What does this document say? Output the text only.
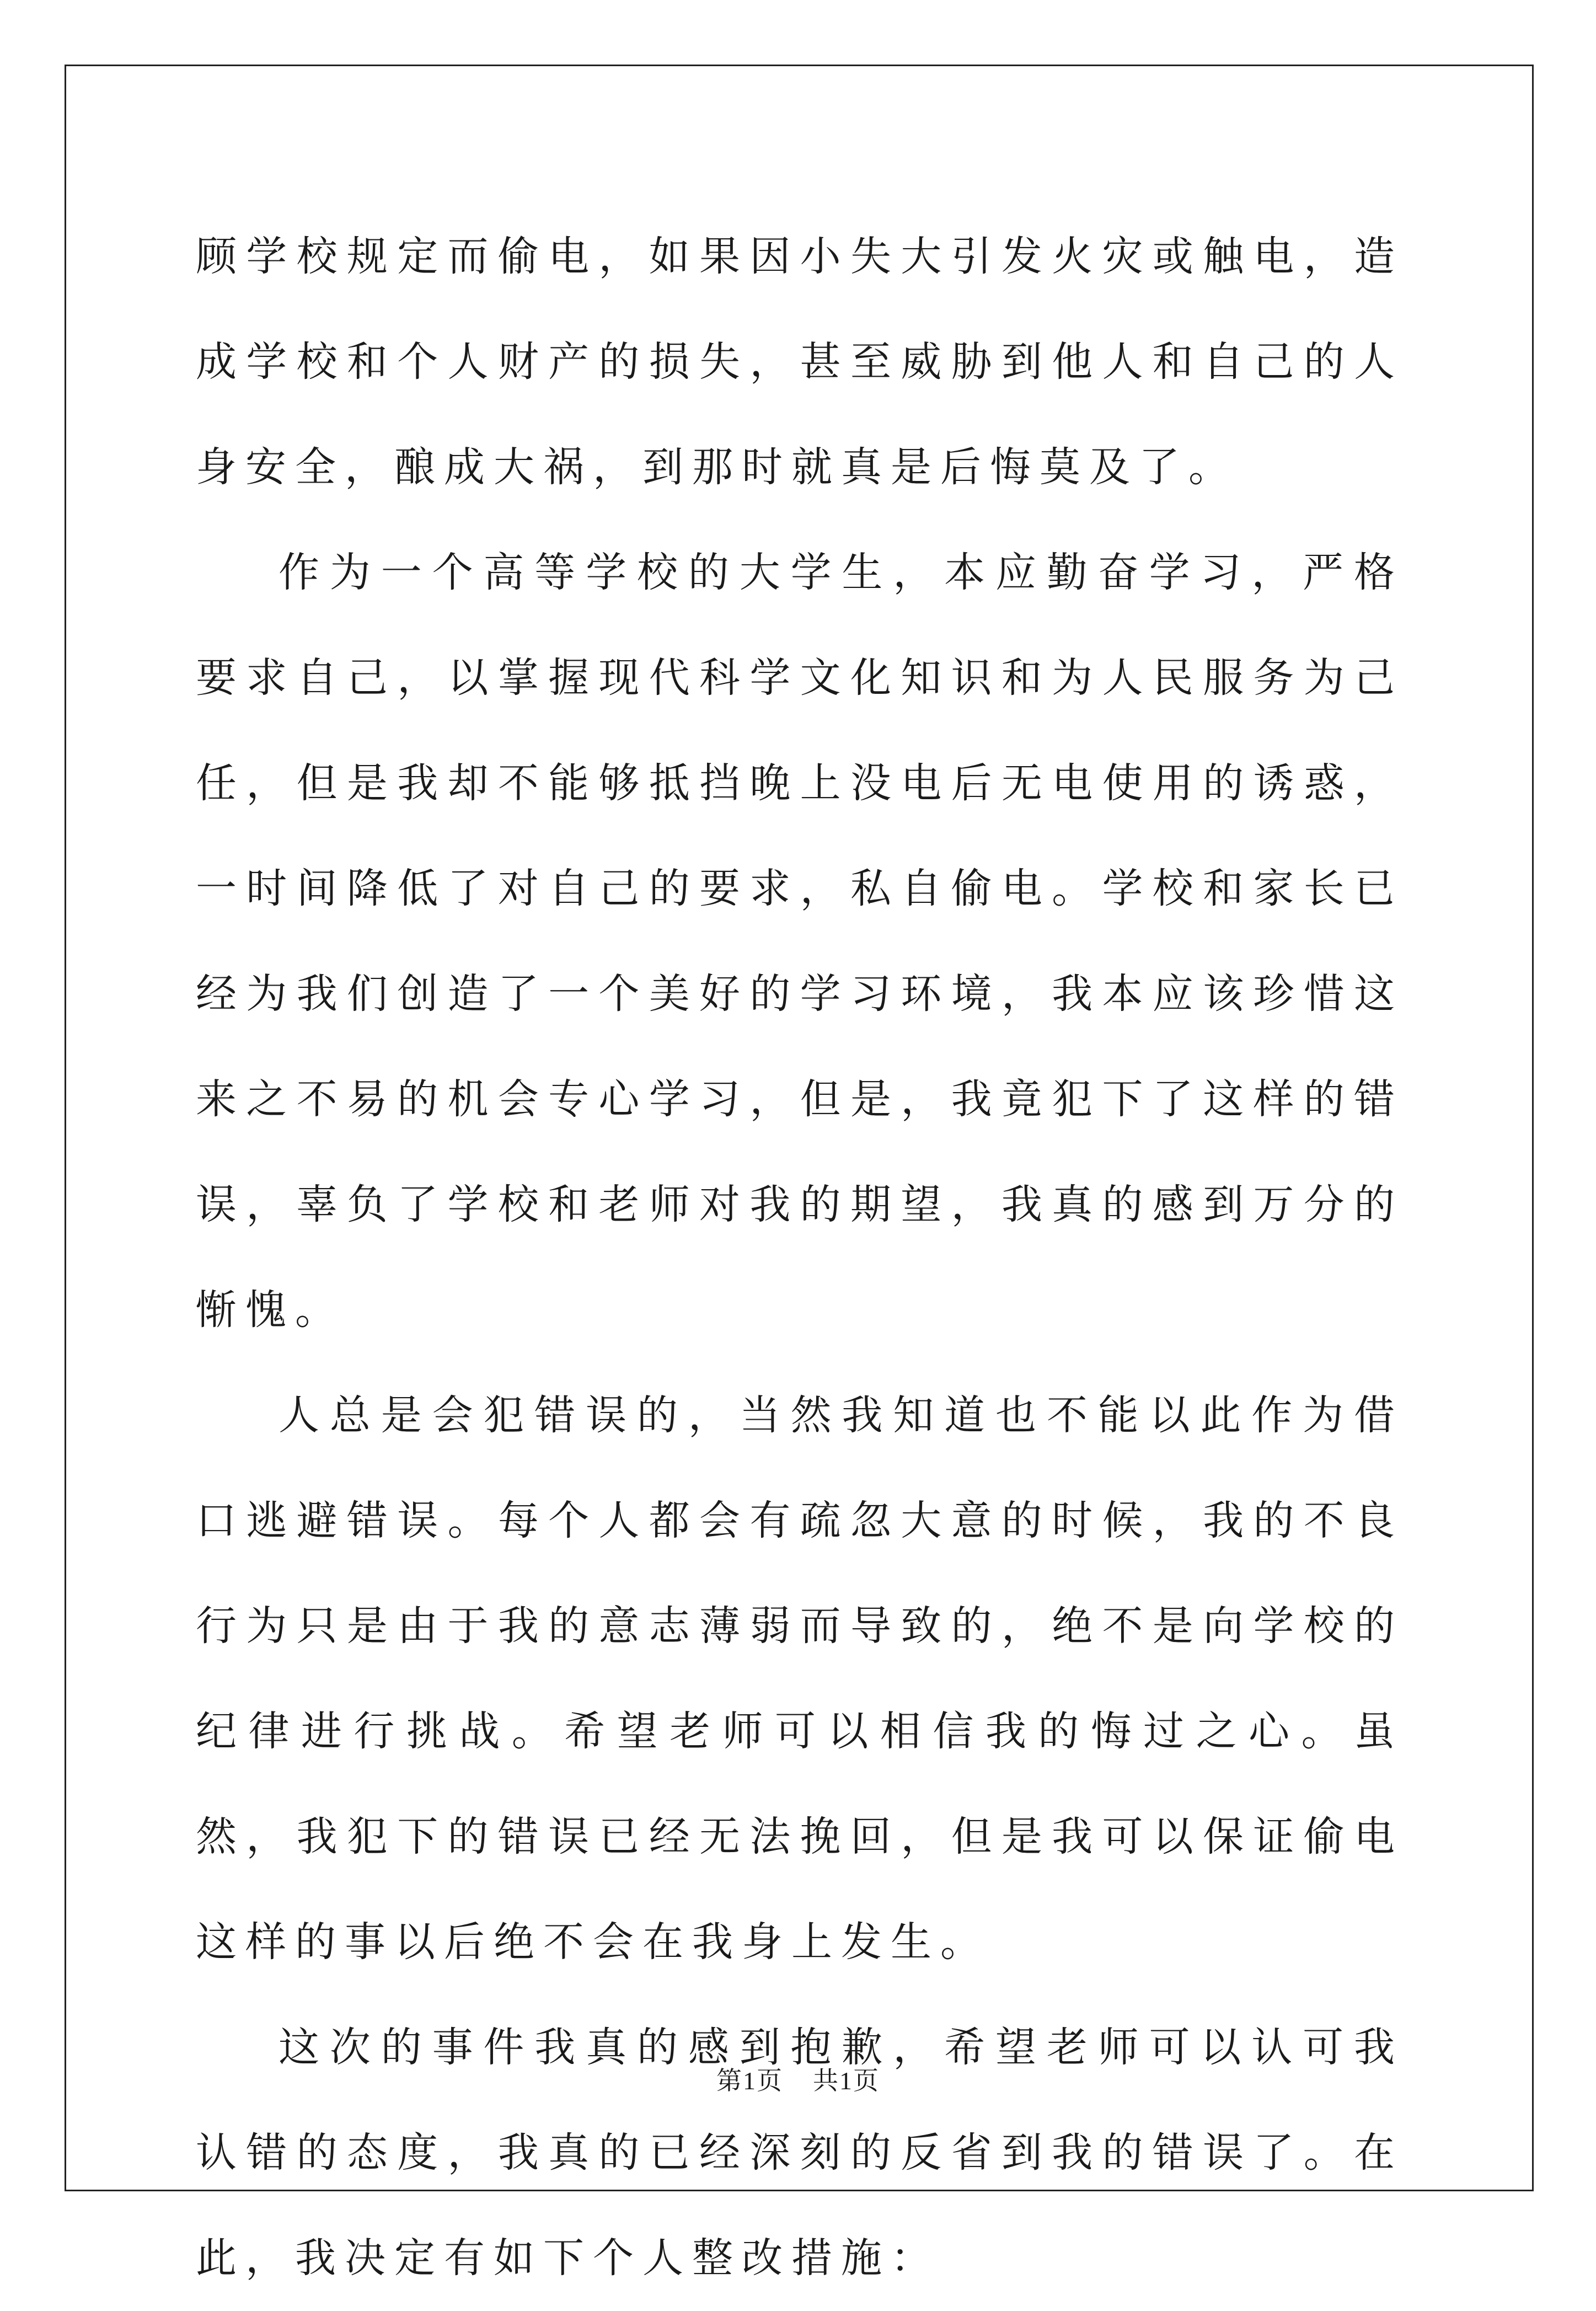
顾学校规定而偷电，如果因小失大引发火灾或触电，造成学校和个人财产的损失，甚至威胁到他人和自己的人身安全，酿成大祸，到那时就真是后悔莫及了。

作为一个高等学校的大学生，本应勤奋学习，严格要求自己，以掌握现代科学文化知识和为人民服务为己任，但是我却不能够抵挡晚上没电后无电使用的诱惑，一时间降低了对自己的要求，私自偷电。学校和家长已经为我们创造了一个美好的学习环境，我本应该珍惜这来之不易的机会专心学习，但是，我竟犯下了这样的错误，辜负了学校和老师对我的期望，我真的感到万分的惭愧。

人总是会犯错误的，当然我知道也不能以此作为借口逃避错误。每个人都会有疏忽大意的时候，我的不良行为只是由于我的意志薄弱而导致的，绝不是向学校的纪律进行挑战。希望老师可以相信我的悔过之心。虽然，我犯下的错误已经无法挽回，但是我可以保证偷电这样的事以后绝不会在我身上发生。

这次的事件我真的感到抱歉，希望老师可以认可我认错的态度，我真的已经深刻的反省到我的错误了。在此，我决定有如下个人整改措施：

第1页 共1页
